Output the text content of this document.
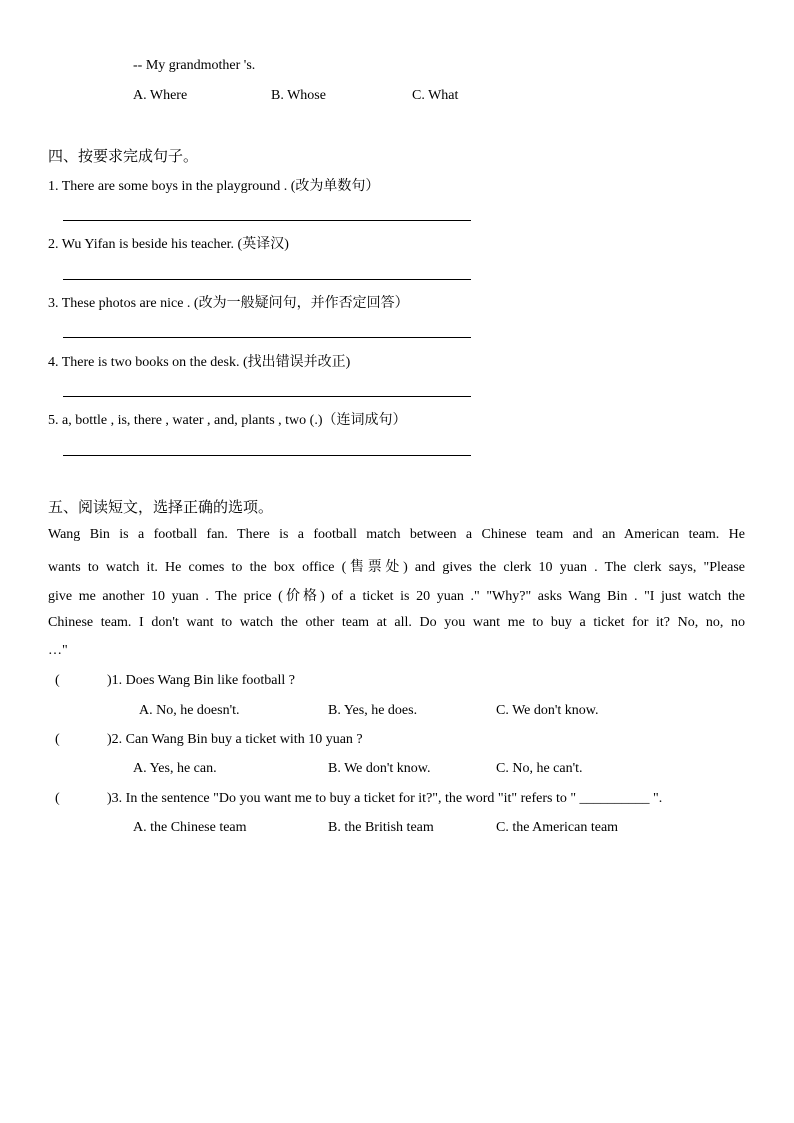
-- My grandmother 's.
A. Where	B. Whose	C. What
四、按要求完成句子。
1. There are some boys in the playground . (改为单数句）
2. Wu Yifan is beside his teacher. (英译汉)
3. These photos are nice . (改为一般疑问句，并作否定回答）
4. There is two books on the desk. (找出错误并改正)
5. a, bottle , is, there , water , and, plants , two (.)（连词成句）
五、阅读短文，选择正确的选项。
Wang Bin is a football fan. There is a football match between a Chinese team and an American team. He
wants to watch it. He comes to the box office (售票处) and gives the clerk 10 yuan . The clerk says, "Please
give me another 10 yuan . The price (价格) of a ticket is 20 yuan ." "Why?" asks Wang Bin . "I just watch the
Chinese team. I don't want to watch the other team at all. Do you want me to buy a ticket for it? No, no, no
…"
(	)1. Does Wang Bin like football ?
A. No, he doesn't.	B. Yes, he does.	C. We don't know.
(	)2. Can Wang Bin buy a ticket with 10 yuan ?
A. Yes, he can.	B. We don't know.	C. No, he can't.
(	)3. In the sentence "Do you want me to buy a ticket for it?", the word "it" refers to " __________ ".
A. the Chinese team	B. the British team	C. the American team
